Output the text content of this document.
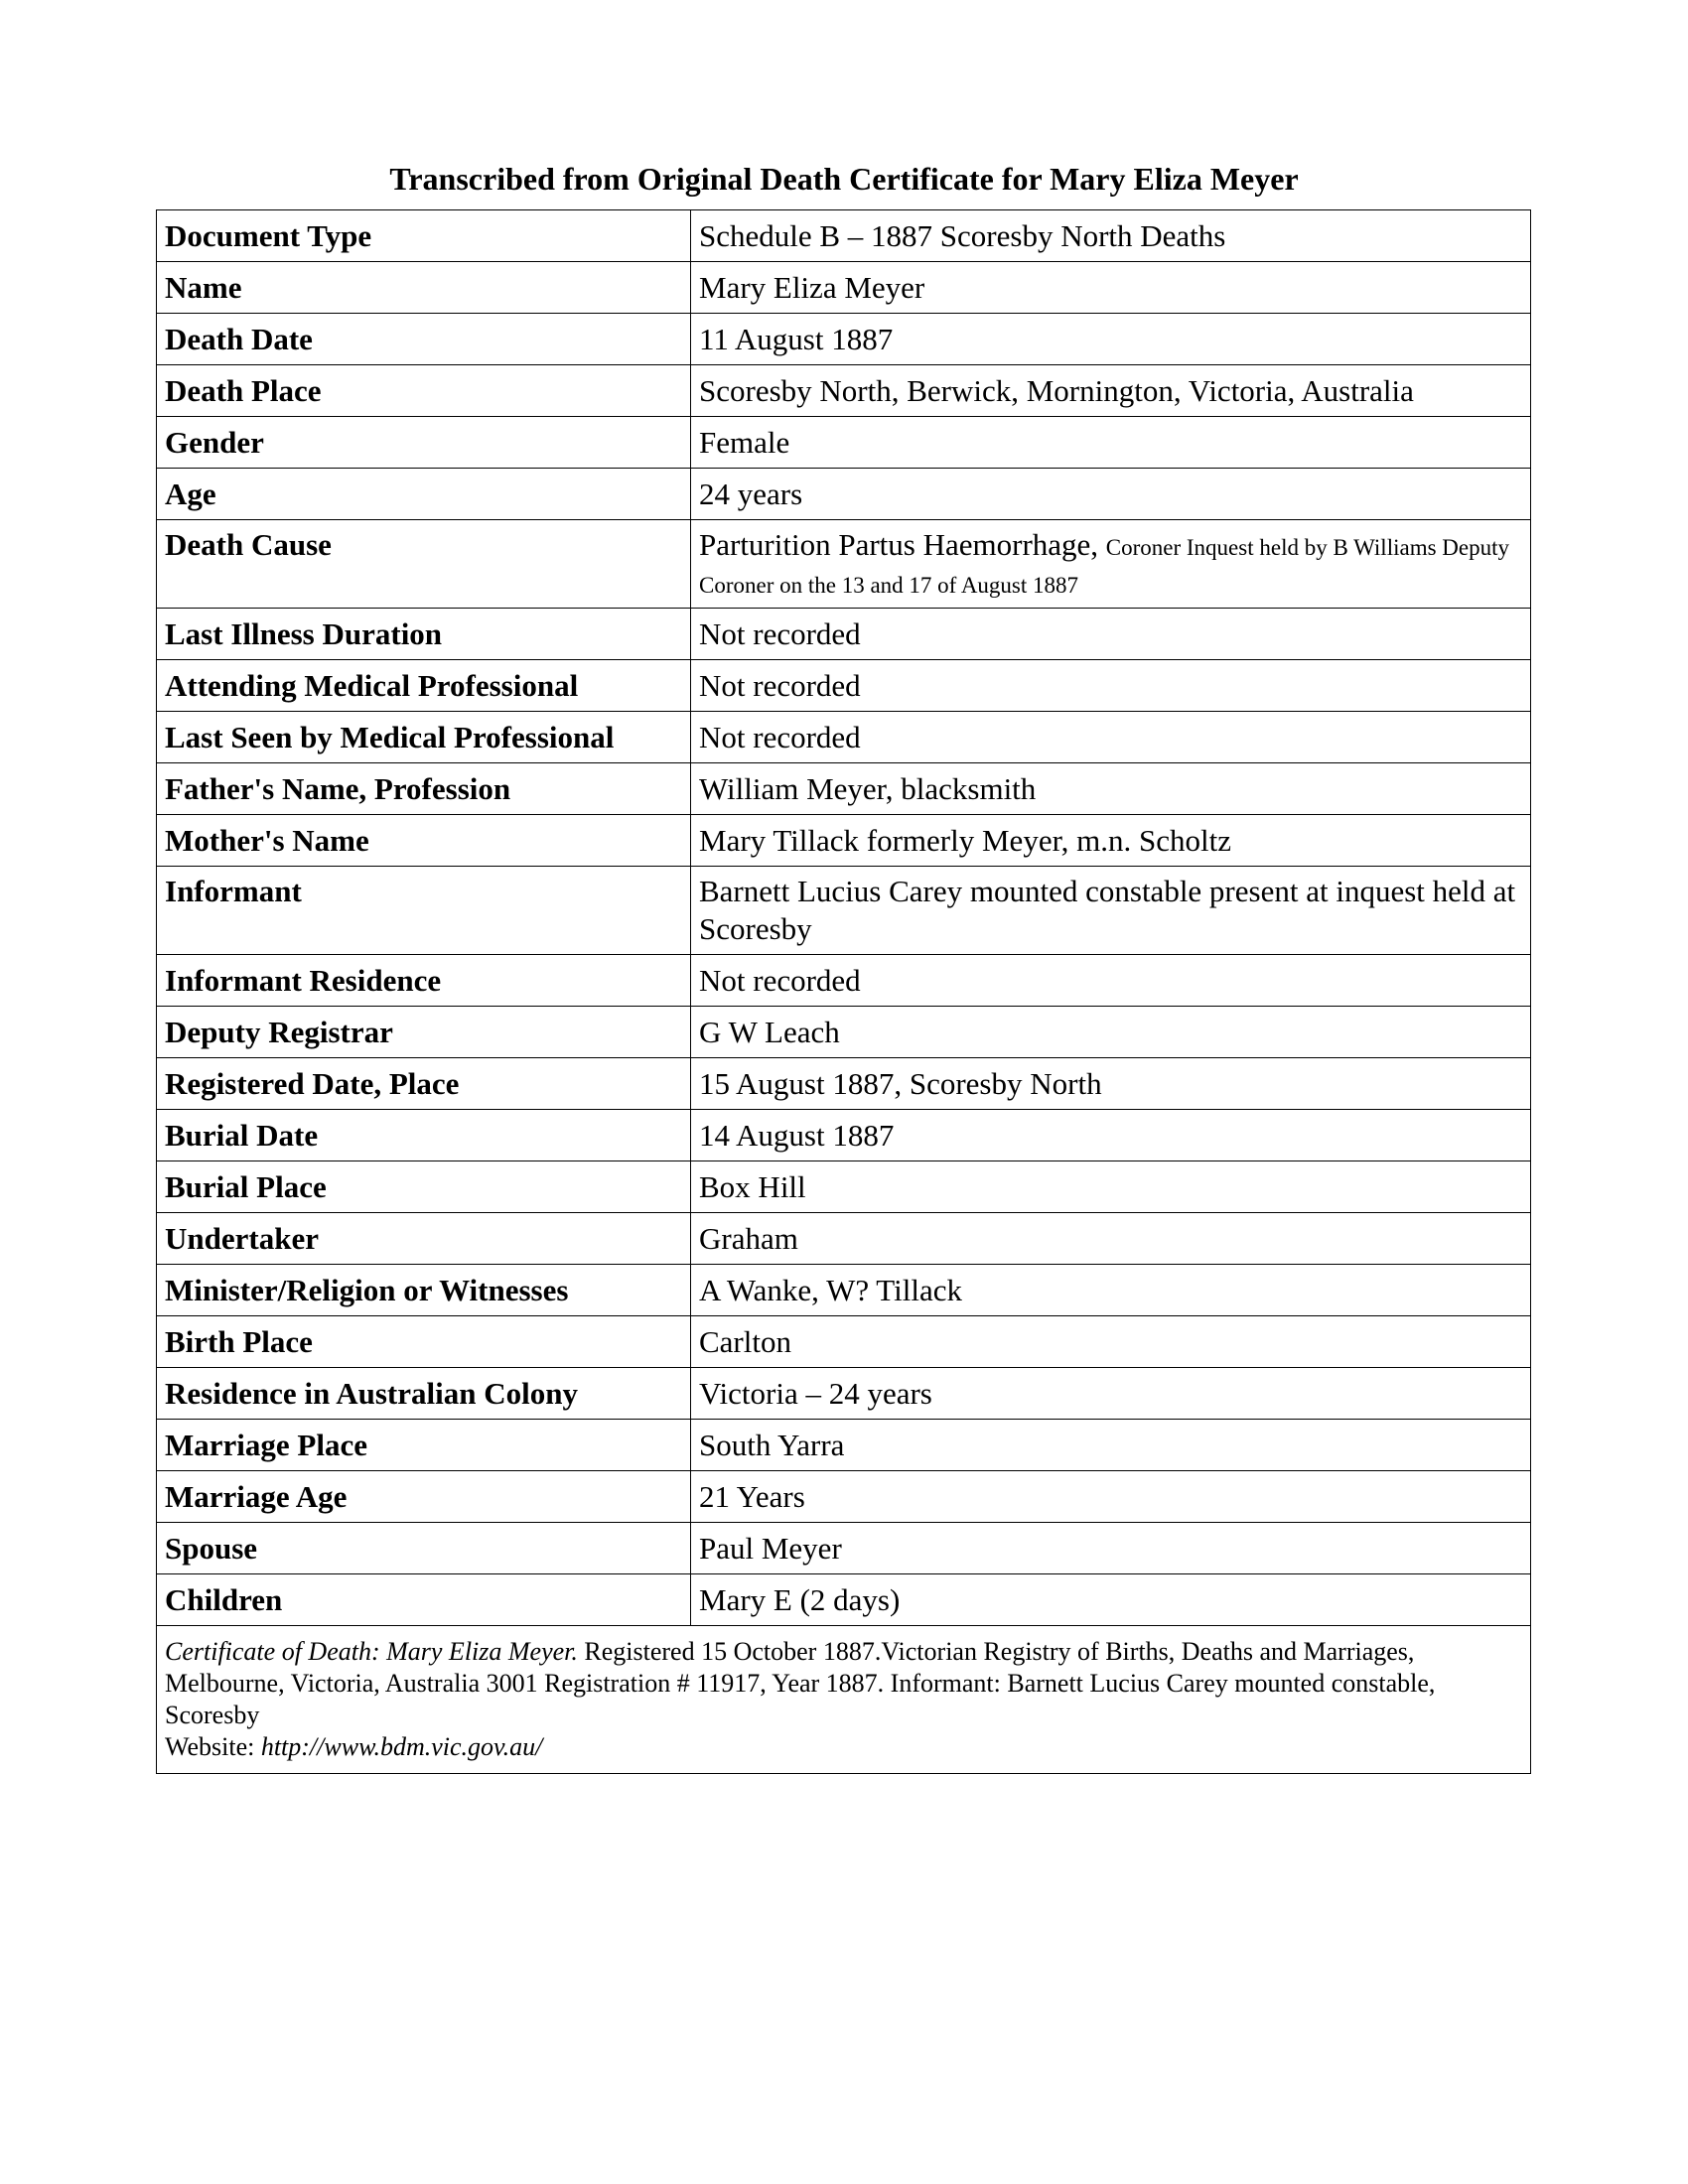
Transcribed from Original Death Certificate for Mary Eliza Meyer
Document Type	Schedule B – 1887 Scoresby North Deaths
Name	Mary Eliza Meyer
Death Date	11 August 1887
Death Place	Scoresby North, Berwick, Mornington, Victoria, Australia
Gender	Female
Age	24 years
Death Cause	Parturition Partus Haemorrhage, Coroner Inquest held by B Williams Deputy Coroner on the 13 and 17 of August 1887
Last Illness Duration	Not recorded
Attending Medical Professional	Not recorded
Last Seen by Medical Professional	Not recorded
Father's Name, Profession	William Meyer, blacksmith
Mother's Name	Mary Tillack formerly Meyer, m.n. Scholtz
Informant	Barnett Lucius Carey mounted constable present at inquest held at Scoresby
Informant Residence	Not recorded
Deputy Registrar	G W Leach
Registered Date, Place	15 August 1887, Scoresby North
Burial Date	14 August 1887
Burial Place	Box Hill
Undertaker	Graham
Minister/Religion or Witnesses	A Wanke, W? Tillack
Birth Place	Carlton
Residence in Australian Colony	Victoria – 24 years
Marriage Place	South Yarra
Marriage Age	21 Years
Spouse	Paul Meyer
Children	Mary E (2 days)
Certificate of Death: Mary Eliza Meyer. Registered 15 October 1887.Victorian Registry of Births, Deaths and Marriages, Melbourne, Victoria, Australia 3001 Registration # 11917, Year 1887. Informant: Barnett Lucius Carey mounted constable, Scoresby
Website: http://www.bdm.vic.gov.au/	
